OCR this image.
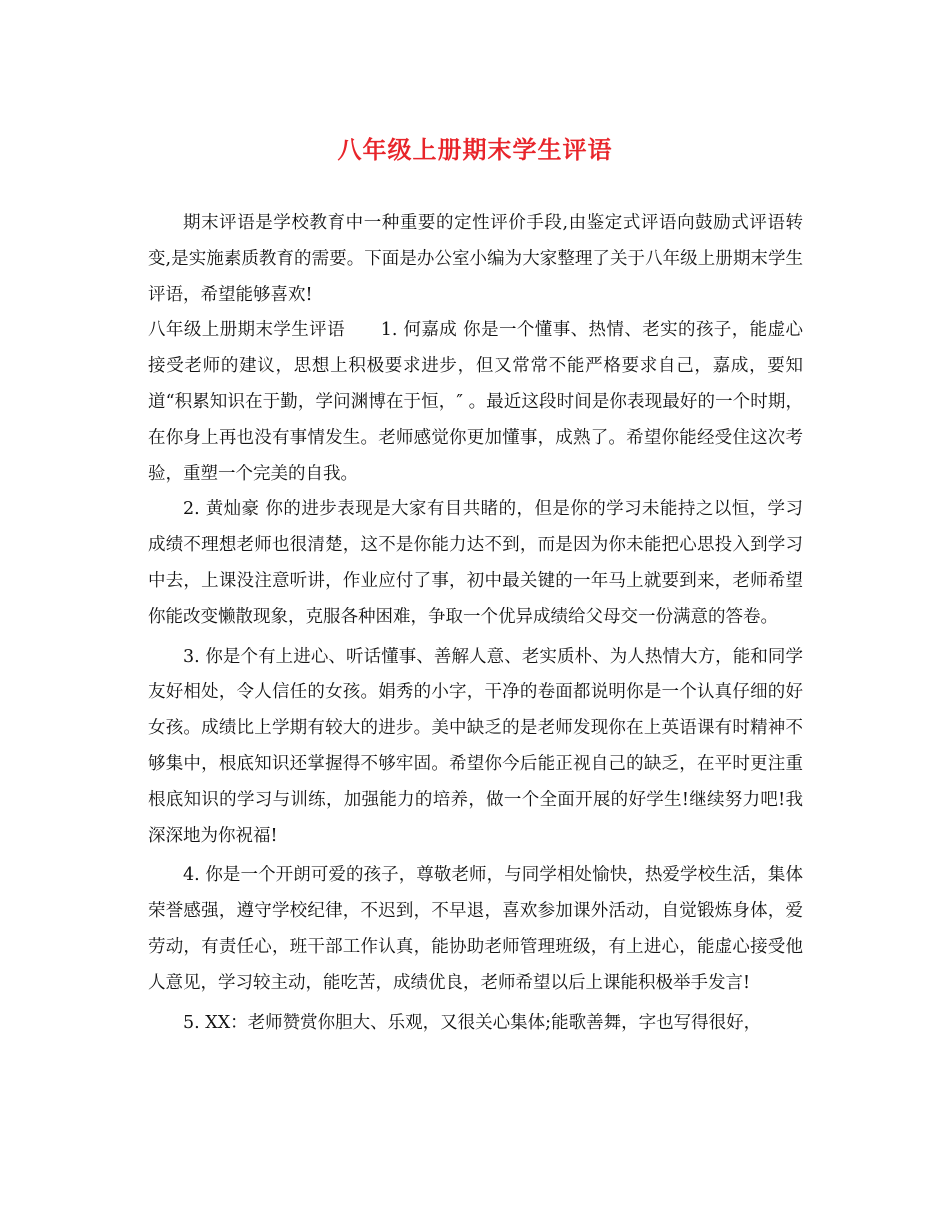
八年级上册期末学生评语

期末评语是学校教育中一种重要的定性评价手段,由鉴定式评语向鼓励式评语转变,是实施素质教育的需要。下面是办公室小编为大家整理了关于八年级上册期末学生评语，希望能够喜欢!

八年级上册期末学生评语　　1. 何嘉成 你是一个懂事、热情、老实的孩子，能虚心接受老师的建议，思想上积极要求进步，但又常常不能严格要求自己，嘉成，要知道“积累知识在于勤，学问渊博在于恒，″ 。最近这段时间是你表现最好的一个时期，在你身上再也没有事情发生。老师感觉你更加懂事，成熟了。希望你能经受住这次考验，重塑一个完美的自我。

2. 黄灿豪 你的进步表现是大家有目共睹的，但是你的学习未能持之以恒，学习成绩不理想老师也很清楚，这不是你能力达不到，而是因为你未能把心思投入到学习中去，上课没注意听讲，作业应付了事，初中最关键的一年马上就要到来，老师希望你能改变懒散现象，克服各种困难，争取一个优异成绩给父母交一份满意的答卷。

3. 你是个有上进心、听话懂事、善解人意、老实质朴、为人热情大方，能和同学友好相处，令人信任的女孩。娟秀的小字，干净的卷面都说明你是一个认真仔细的好女孩。成绩比上学期有较大的进步。美中缺乏的是老师发现你在上英语课有时精神不够集中，根底知识还掌握得不够牢固。希望你今后能正视自己的缺乏，在平时更注重根底知识的学习与训练，加强能力的培养，做一个全面开展的好学生!继续努力吧!我深深地为你祝福!

4. 你是一个开朗可爱的孩子，尊敬老师，与同学相处愉快，热爱学校生活，集体荣誉感强，遵守学校纪律，不迟到，不早退，喜欢参加课外活动，自觉锻炼身体，爱劳动，有责任心，班干部工作认真，能协助老师管理班级，有上进心，能虚心接受他人意见，学习较主动，能吃苦，成绩优良，老师希望以后上课能积极举手发言!

5. XX：老师赞赏你胆大、乐观，又很关心集体;能歌善舞，字也写得很好，
